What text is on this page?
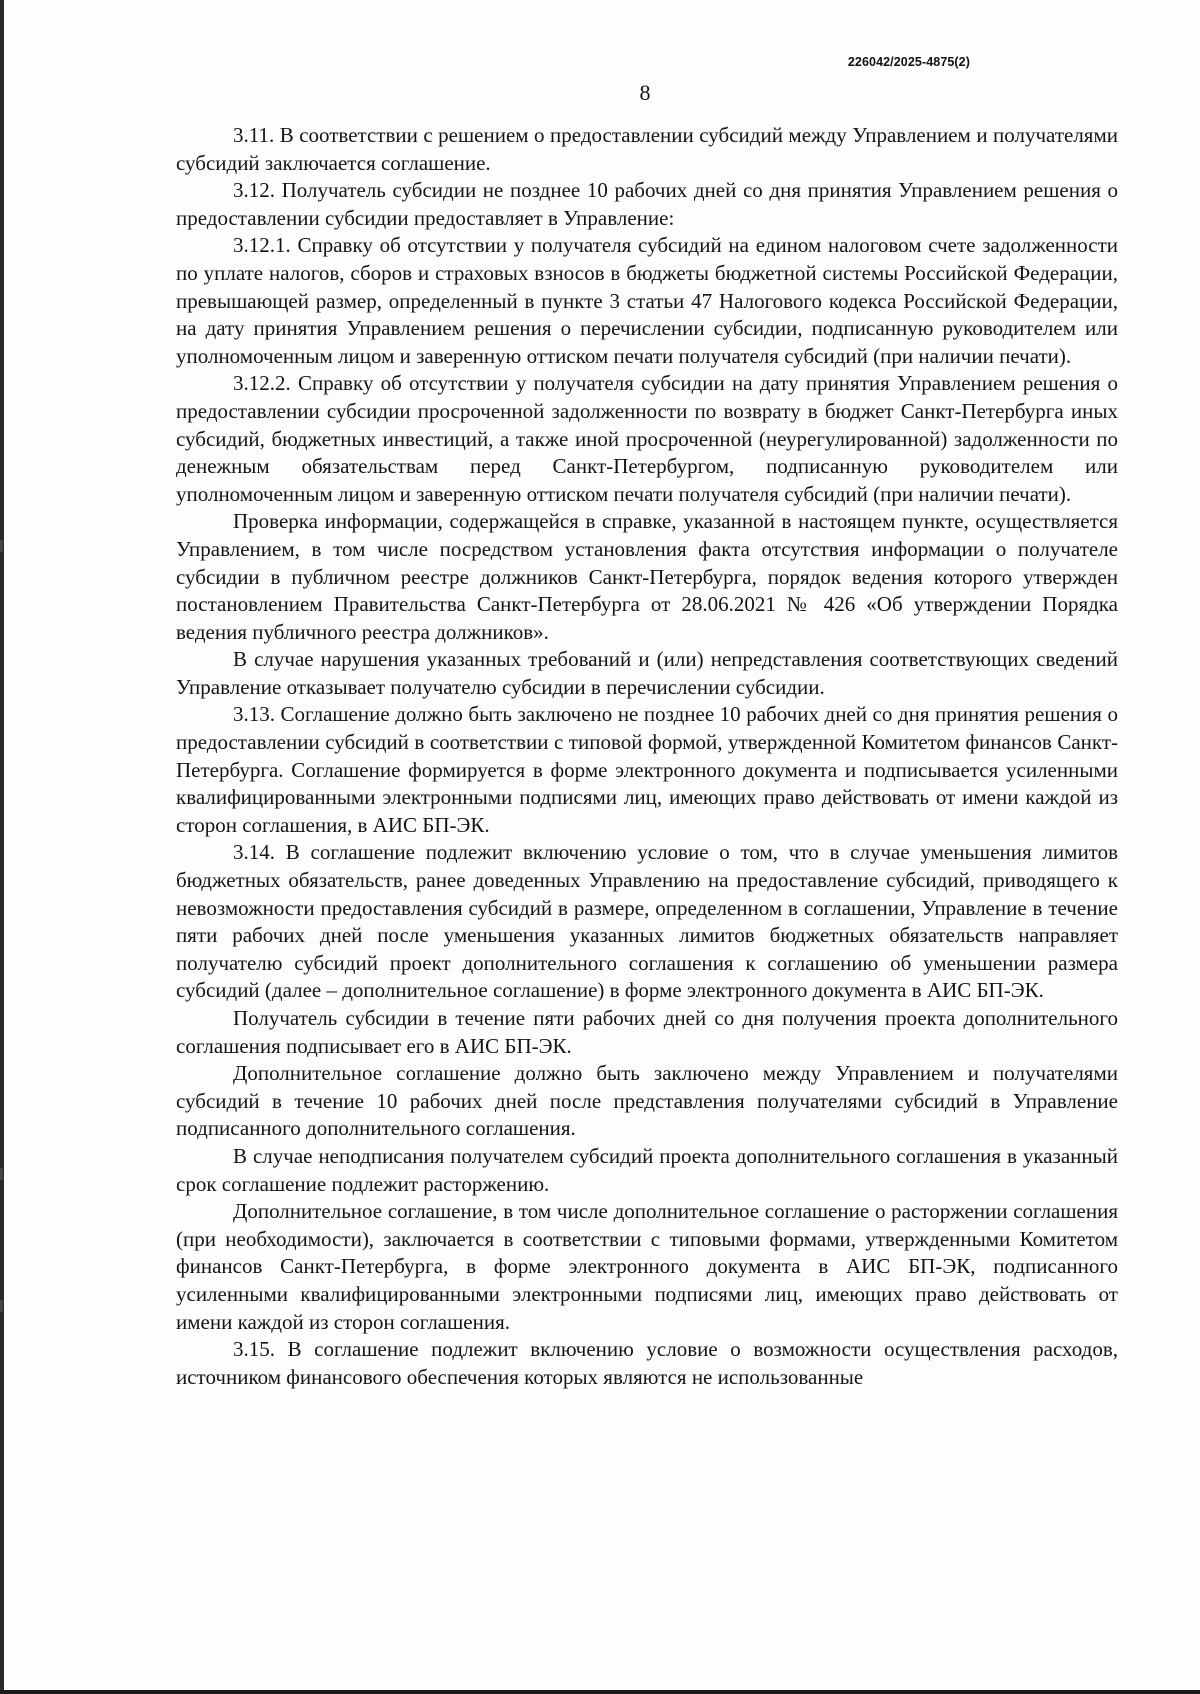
226042/2025-4875(2)
8

3.11. В соответствии с решением о предоставлении субсидий между Управлением и получателями субсидий заключается соглашение.

3.12. Получатель субсидии не позднее 10 рабочих дней со дня принятия Управлением решения о предоставлении субсидии предоставляет в Управление:

3.12.1. Справку об отсутствии у получателя субсидий на едином налоговом счете задолженности по уплате налогов, сборов и страховых взносов в бюджеты бюджетной системы Российской Федерации, превышающей размер, определенный в пункте 3 статьи 47 Налогового кодекса Российской Федерации, на дату принятия Управлением решения о перечислении субсидии, подписанную руководителем или уполномоченным лицом и заверенную оттиском печати получателя субсидий (при наличии печати).

3.12.2. Справку об отсутствии у получателя субсидии на дату принятия Управлением решения о предоставлении субсидии просроченной задолженности по возврату в бюджет Санкт-Петербурга иных субсидий, бюджетных инвестиций, а также иной просроченной (неурегулированной) задолженности по денежным обязательствам перед Санкт-Петербургом, подписанную руководителем или уполномоченным лицом и заверенную оттиском печати получателя субсидий (при наличии печати).

Проверка информации, содержащейся в справке, указанной в настоящем пункте, осуществляется Управлением, в том числе посредством установления факта отсутствия информации о получателе субсидии в публичном реестре должников Санкт-Петербурга, порядок ведения которого утвержден постановлением Правительства Санкт-Петербурга от 28.06.2021 № 426 «Об утверждении Порядка ведения публичного реестра должников».

В случае нарушения указанных требований и (или) непредставления соответствующих сведений Управление отказывает получателю субсидии в перечислении субсидии.

3.13. Соглашение должно быть заключено не позднее 10 рабочих дней со дня принятия решения о предоставлении субсидий в соответствии с типовой формой, утвержденной Комитетом финансов Санкт-Петербурга. Соглашение формируется в форме электронного документа и подписывается усиленными квалифицированными электронными подписями лиц, имеющих право действовать от имени каждой из сторон соглашения, в АИС БП-ЭК.

3.14. В соглашение подлежит включению условие о том, что в случае уменьшения лимитов бюджетных обязательств, ранее доведенных Управлению на предоставление субсидий, приводящего к невозможности предоставления субсидий в размере, определенном в соглашении, Управление в течение пяти рабочих дней после уменьшения указанных лимитов бюджетных обязательств направляет получателю субсидий проект дополнительного соглашения к соглашению об уменьшении размера субсидий (далее – дополнительное соглашение) в форме электронного документа в АИС БП-ЭК.

Получатель субсидии в течение пяти рабочих дней со дня получения проекта дополнительного соглашения подписывает его в АИС БП-ЭК.

Дополнительное соглашение должно быть заключено между Управлением и получателями субсидий в течение 10 рабочих дней после представления получателями субсидий в Управление подписанного дополнительного соглашения.

В случае неподписания получателем субсидий проекта дополнительного соглашения в указанный срок соглашение подлежит расторжению.

Дополнительное соглашение, в том числе дополнительное соглашение о расторжении соглашения (при необходимости), заключается в соответствии с типовыми формами, утвержденными Комитетом финансов Санкт-Петербурга, в форме электронного документа в АИС БП-ЭК, подписанного усиленными квалифицированными электронными подписями лиц, имеющих право действовать от имени каждой из сторон соглашения.

3.15. В соглашение подлежит включению условие о возможности осуществления расходов, источником финансового обеспечения которых являются не использованные
